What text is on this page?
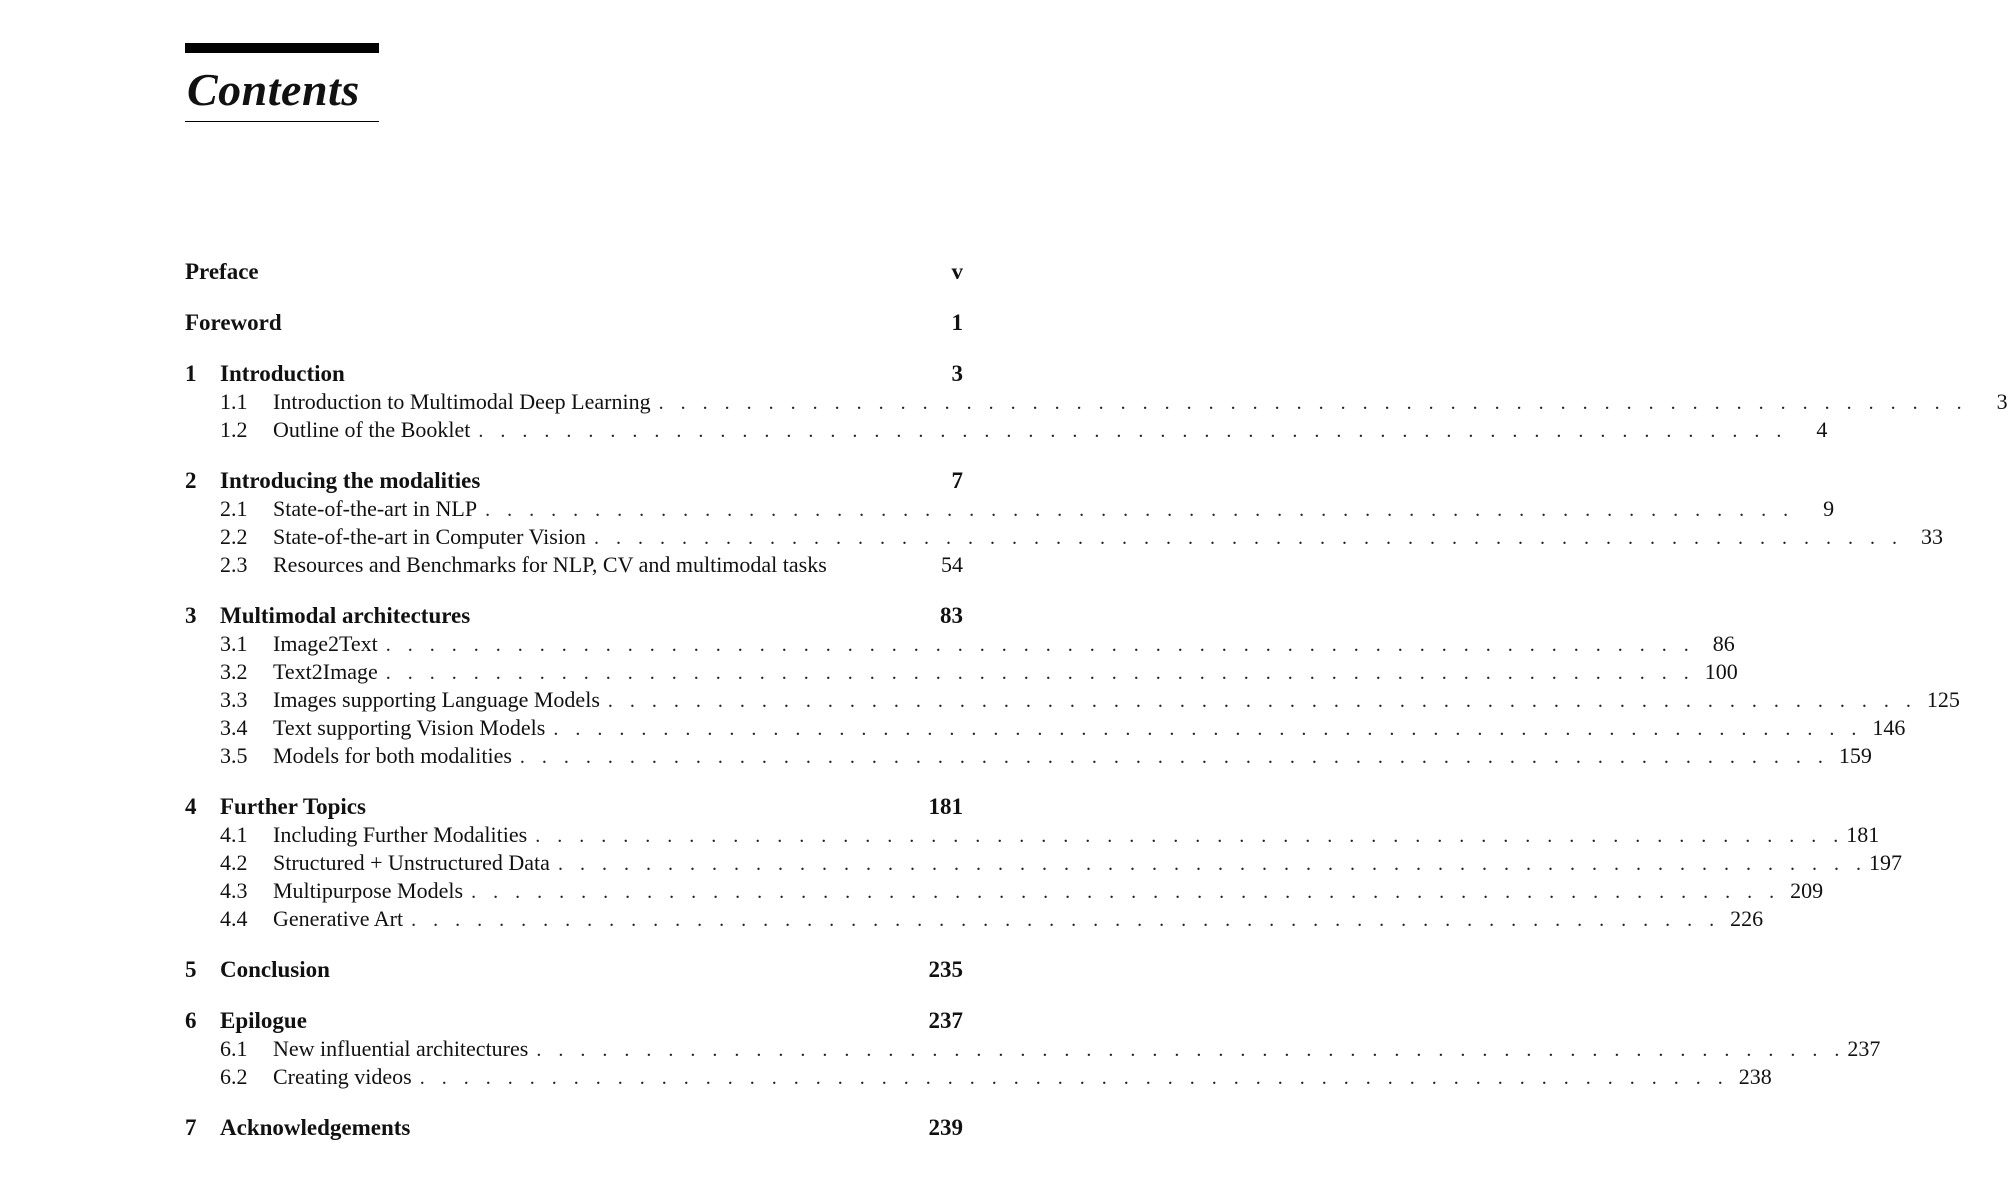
Contents
Preface	v
Foreword	1
1	Introduction	3
1.1	Introduction to Multimodal Deep Learning . . . . . . . . . . . . . . . . . . . . . . . . . . . . . . . . . . . . . . . . . . . . . . . . . . . . . . . . . . . .	3
1.2	Outline of the Booklet . . . . . . . . . . . . . . . . . . . . . . . . . . . . . . . . . . . . . . . . . . . . . . . . . . . . . . . . . . . .	4
2	Introducing the modalities	7
2.1	State-of-the-art in NLP . . . . . . . . . . . . . . . . . . . . . . . . . . . . . . . . . . . . . . . . . . . . . . . . . . . . . . . . . . . .	9
2.2	State-of-the-art in Computer Vision . . . . . . . . . . . . . . . . . . . . . . . . . . . . . . . . . . . . . . . . . . . . . . . . . . . . . . . . . . . . 33
2.3	Resources and Benchmarks for NLP, CV and multimodal tasks	54
3	Multimodal architectures	83
3.1	Image2Text . . . . . . . . . . . . . . . . . . . . . . . . . . . . . . . . . . . . . . . . . . . . . . . . . . . . . . . . . . . . 86
3.2	Text2Image . . . . . . . . . . . . . . . . . . . . . . . . . . . . . . . . . . . . . . . . . . . . . . . . . . . . . . . . . . . . 100
3.3	Images supporting Language Models . . . . . . . . . . . . . . . . . . . . . . . . . . . . . . . . . . . . . . . . . . . . . . . . . . . . . . . . . . . . 125
3.4	Text supporting Vision Models . . . . . . . . . . . . . . . . . . . . . . . . . . . . . . . . . . . . . . . . . . . . . . . . . . . . . . . . . . . . 146
3.5	Models for both modalities . . . . . . . . . . . . . . . . . . . . . . . . . . . . . . . . . . . . . . . . . . . . . . . . . . . . . . . . . . . . 159
4	Further Topics	181
4.1	Including Further Modalities . . . . . . . . . . . . . . . . . . . . . . . . . . . . . . . . . . . . . . . . . . . . . . . . . . . . . . . . . . . . 181
4.2	Structured + Unstructured Data . . . . . . . . . . . . . . . . . . . . . . . . . . . . . . . . . . . . . . . . . . . . . . . . . . . . . . . . . . . . 197
4.3	Multipurpose Models . . . . . . . . . . . . . . . . . . . . . . . . . . . . . . . . . . . . . . . . . . . . . . . . . . . . . . . . . . . . 209
4.4	Generative Art . . . . . . . . . . . . . . . . . . . . . . . . . . . . . . . . . . . . . . . . . . . . . . . . . . . . . . . . . . . . 226
5	Conclusion	235
6	Epilogue	237
6.1	New influential architectures . . . . . . . . . . . . . . . . . . . . . . . . . . . . . . . . . . . . . . . . . . . . . . . . . . . . . . . . . . . . 237
6.2	Creating videos . . . . . . . . . . . . . . . . . . . . . . . . . . . . . . . . . . . . . . . . . . . . . . . . . . . . . . . . . . . . 238
7	Acknowledgements	239
